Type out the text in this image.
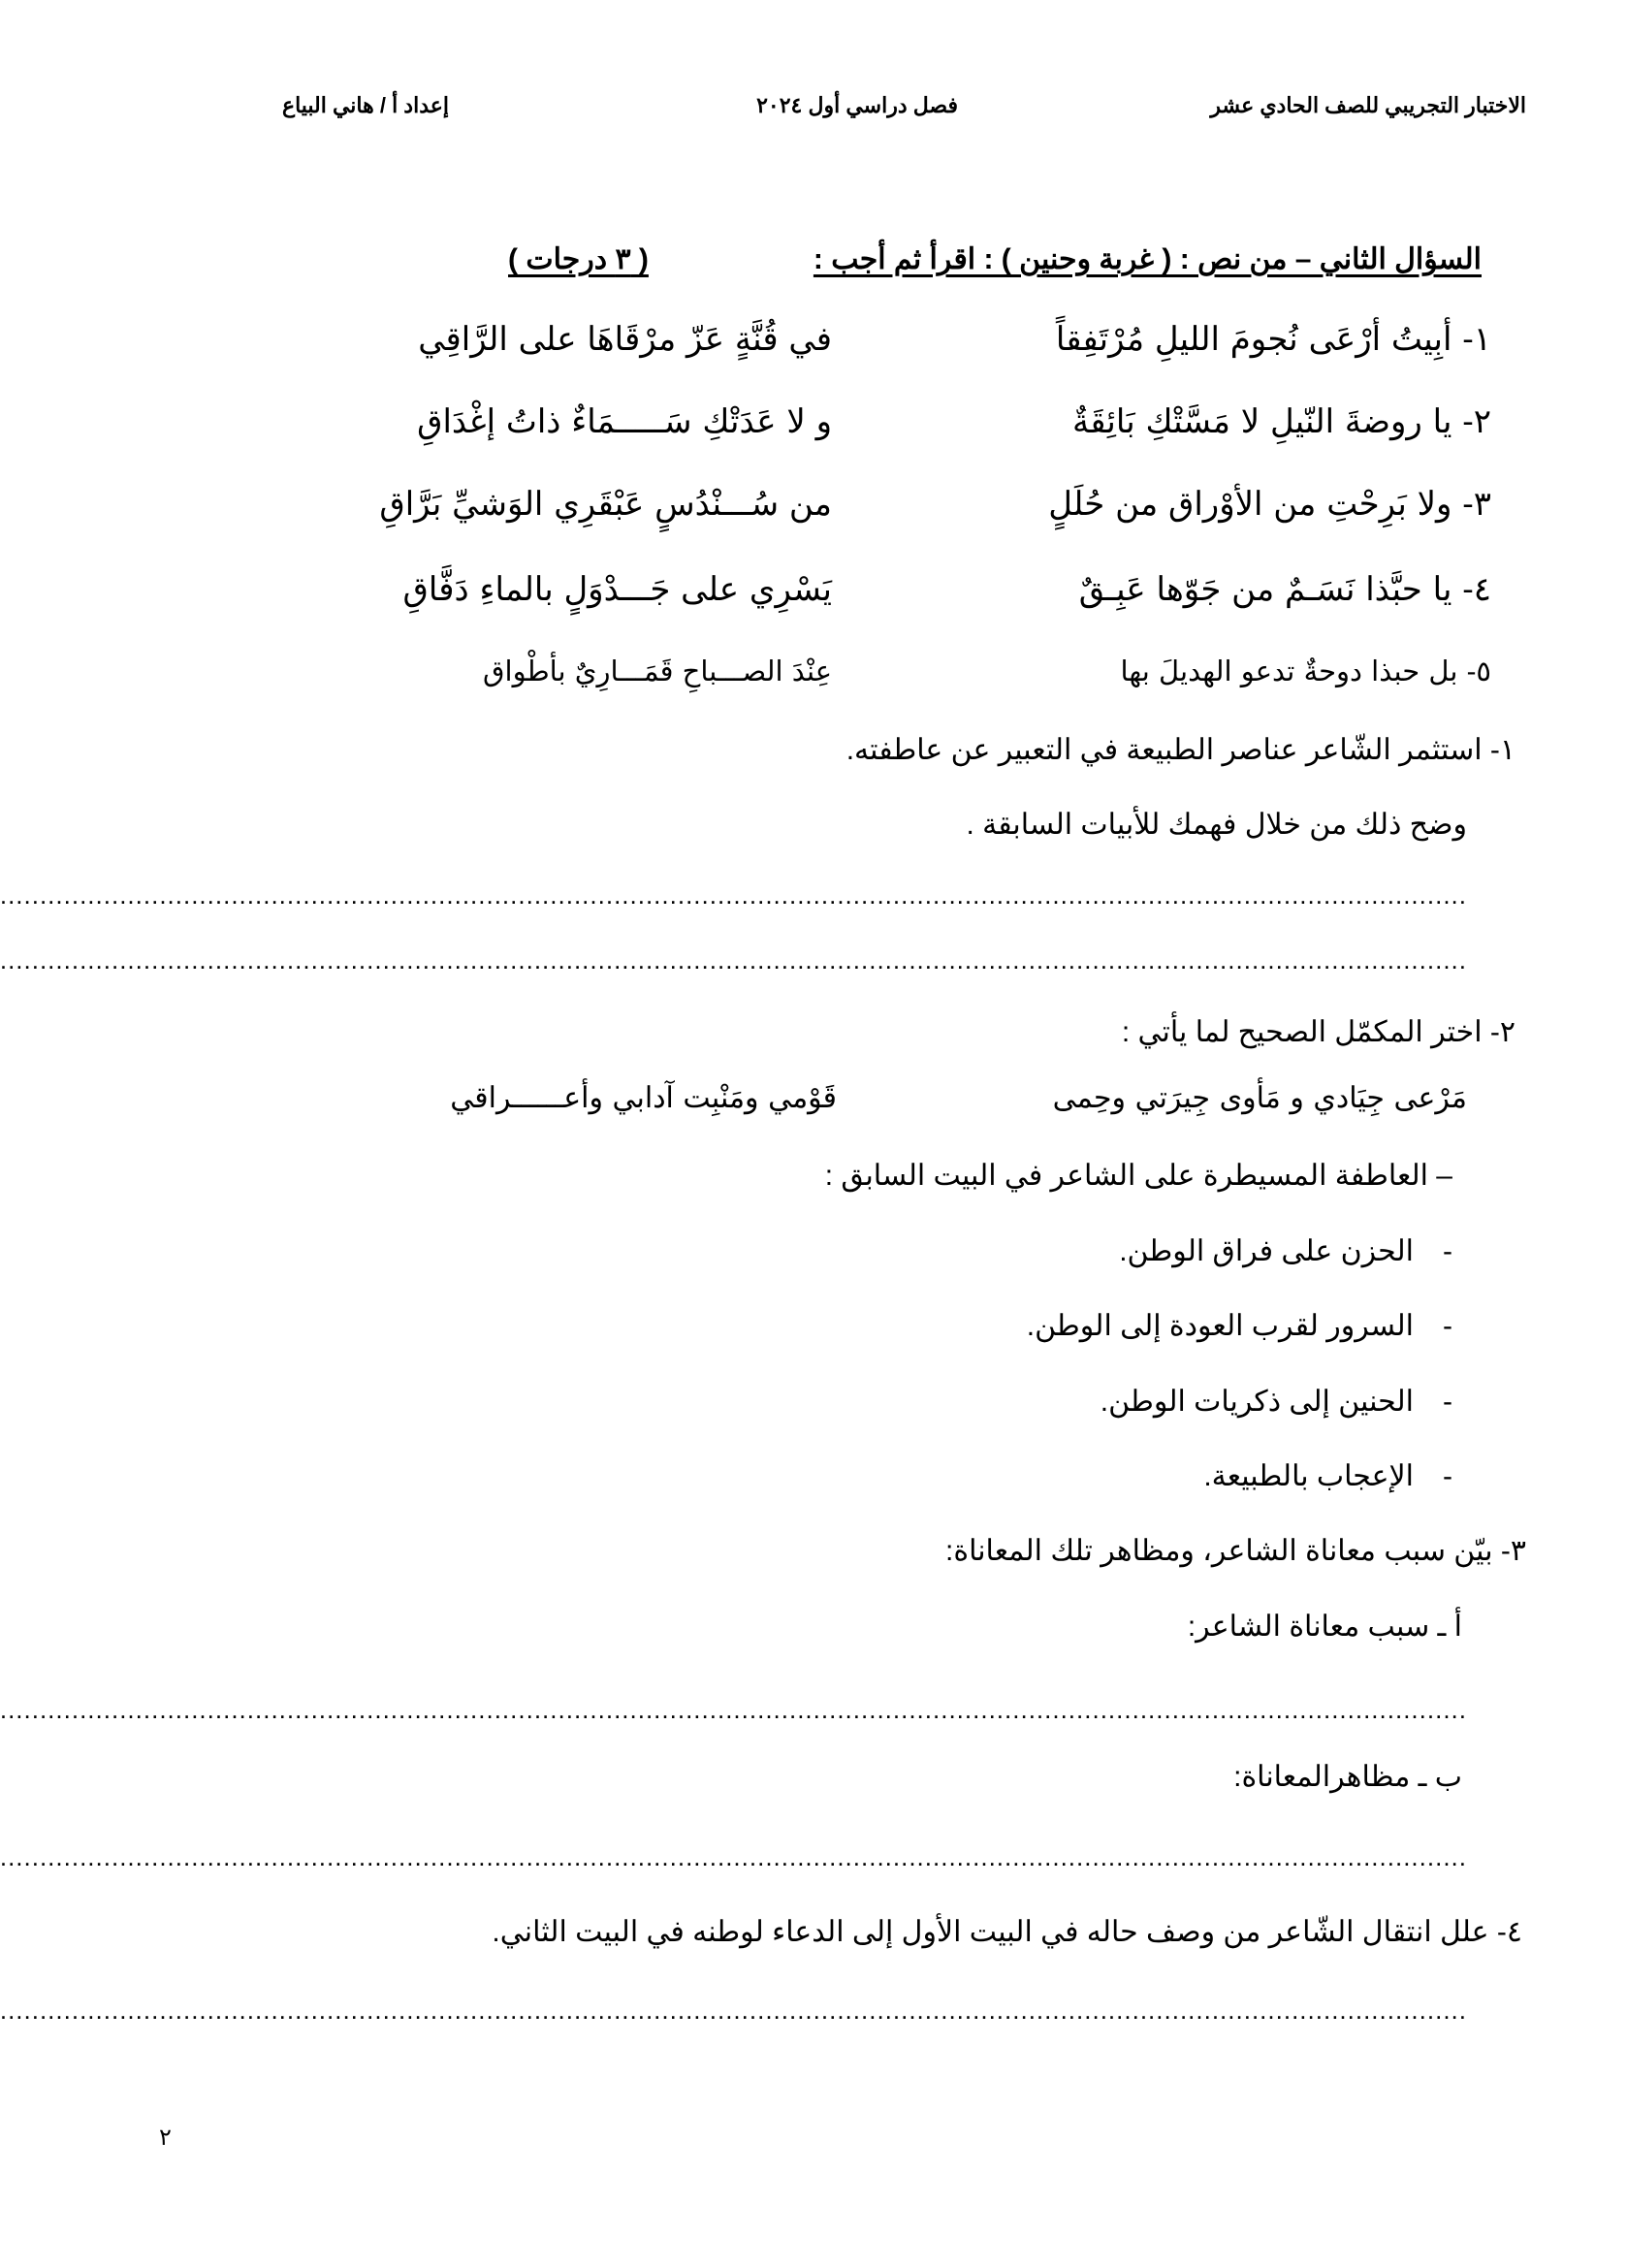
الاختبار التجريبي للصف الحادي عشر
فصل دراسي أول ٢٠٢٤
إعداد أ / هاني البياع
السؤال الثاني – من نص : ( غربة وحنين ) : اقرأ ثم أجب :( ٣ درجات )
١- أبِيتُ أرْعَى نُجومَ الليلِ مُرْتَفِقاً
في قُنَّةٍ عَزّ مرْقَاهَا على الرَّاقِي
٢- يا روضةَ النّيلِ لا مَسَّتْكِ بَائِقَةٌ
و لا عَدَتْكِ سَـــــمَاءٌ ذاتُ إغْدَاقِ
٣- ولا بَرِحْتِ من الأوْراق من حُلَلٍ
من سُـــنْدُسٍ عَبْقَرِي الوَشيِّ بَرَّاقِ
٤- يا حبَّذا نَسَـمٌ من جَوّها عَبِـقٌ
يَسْرِي على جَـــدْوَلٍ بالماءِ دَفَّاقِ
٥- بل حبذا دوحةٌ تدعو الهديلَ بها
عِنْدَ الصـــباحِ قَمَـــارِيٌ بأطْواق
١- استثمر الشّاعر عناصر الطبيعة في التعبير عن عاطفته.
وضح ذلك من خلال فهمك للأبيات السابقة .
........................................................................................................................................................................................
........................................................................................................................................................................................
٢- اختر المكمّل الصحيح لما يأتي :
مَرْعى جِيَادي و مَأوى جِيرَتي وحِمى
قَوْمي ومَنْبِت آدابي وأعــــــراقي
– العاطفة المسيطرة على الشاعر في البيت السابق :
-الحزن على فراق الوطن.
-السرور لقرب العودة إلى الوطن.
-الحنين إلى ذكريات الوطن.
-الإعجاب بالطبيعة.
٣- بيّن سبب معاناة الشاعر، ومظاهر تلك المعاناة:
أ ـ سبب معاناة الشاعر:
........................................................................................................................................................................................
ب ـ مظاهرالمعاناة:
........................................................................................................................................................................................
٤- علل انتقال الشّاعر من وصف حاله في البيت الأول إلى الدعاء لوطنه في البيت الثاني.
........................................................................................................................................................................................
٢
